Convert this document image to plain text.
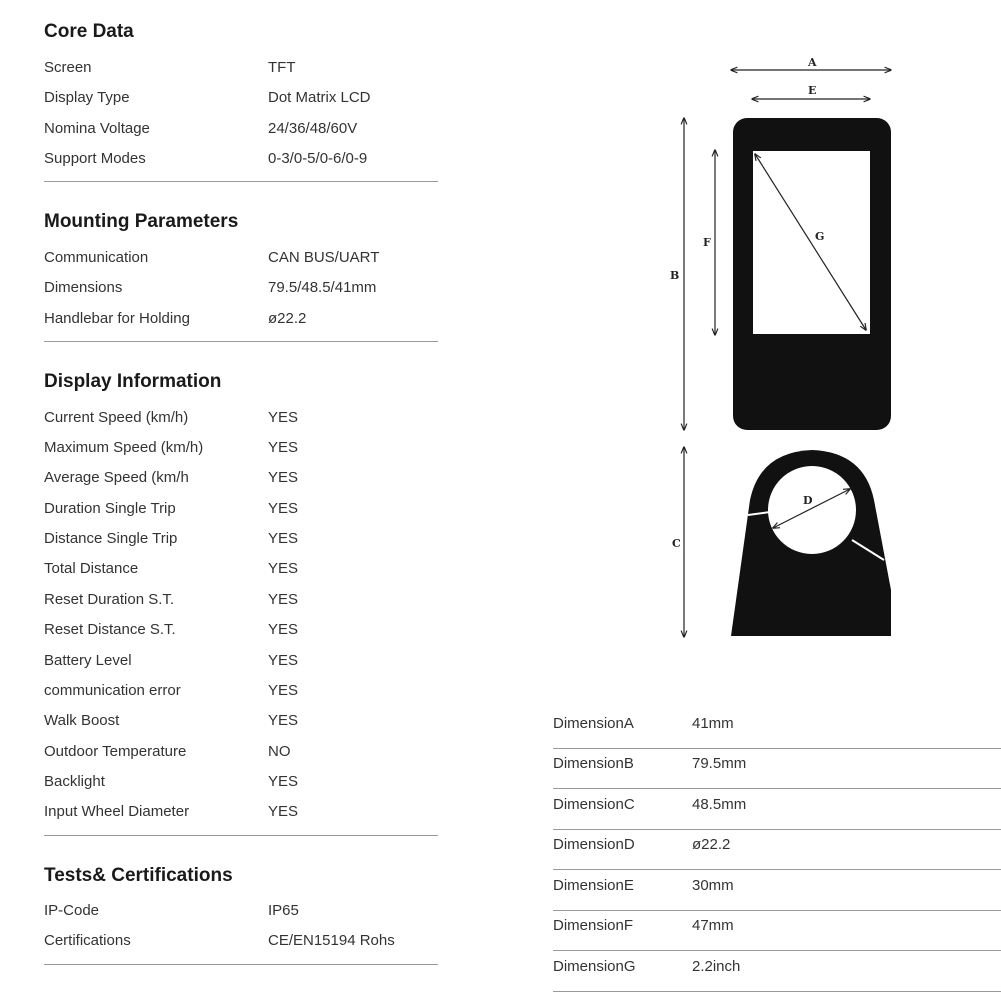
Core Data
Screen	TFT
Display Type	Dot Matrix LCD
Nomina Voltage	24/36/48/60V
Support Modes	0-3/0-5/0-6/0-9
Mounting Parameters
Communication	CAN BUS/UART
Dimensions	79.5/48.5/41mm
Handlebar for Holding	ø22.2
Display Information
Current Speed (km/h)	YES
Maximum Speed (km/h)	YES
Average Speed (km/h	YES
Duration Single Trip	YES
Distance Single Trip	YES
Total Distance	YES
Reset Duration S.T.	YES
Reset Distance S.T.	YES
Battery Level	YES
communication error	YES
Walk Boost	YES
Outdoor Temperature	NO
Backlight	YES
Input Wheel Diameter	YES
Tests& Certifications
IP-Code	IP65
Certifications	CE/EN15194 Rohs
A
E
B
F	G
C
D
DimensionA	41mm
DimensionB	79.5mm
DimensionC	48.5mm
DimensionD	ø22.2
DimensionE	30mm
DimensionF	47mm
DimensionG	2.2inch
